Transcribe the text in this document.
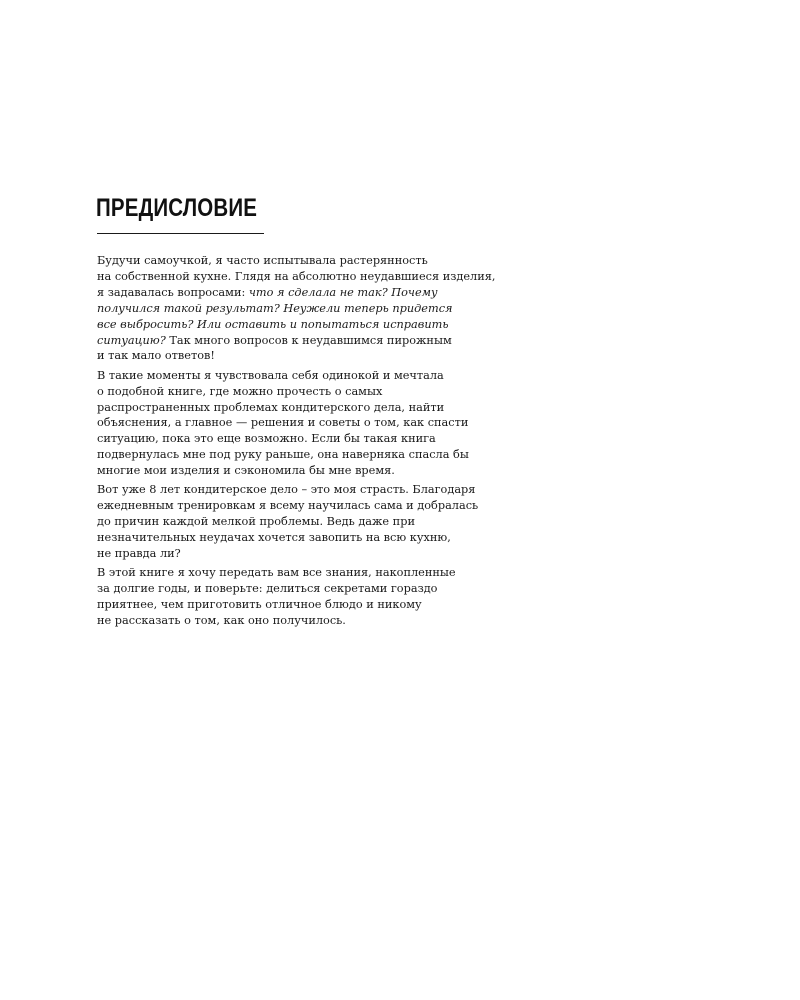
ПРЕДИСЛОВИЕ

Будучи самоучкой, я часто испытывала растерянность
на собственной кухне. Глядя на абсолютно неудавшиеся изделия,
я задавалась вопросами: что я сделала не так? Почему
получился такой результат? Неужели теперь придется
все выбросить? Или оставить и попытаться исправить
ситуацию? Так много вопросов к неудавшимся пирожным
и так мало ответов!

В такие моменты я чувствовала себя одинокой и мечтала
о подобной книге, где можно прочесть о самых
распространенных проблемах кондитерского дела, найти
объяснения, а главное — решения и советы о том, как спасти
ситуацию, пока это еще возможно. Если бы такая книга
подвернулась мне под руку раньше, она наверняка спасла бы
многие мои изделия и сэкономила бы мне время.

Вот уже 8 лет кондитерское дело – это моя страсть. Благодаря
ежедневным тренировкам я всему научилась сама и добралась
до причин каждой мелкой проблемы. Ведь даже при
незначительных неудачах хочется завопить на всю кухню,
не правда ли?

В этой книге я хочу передать вам все знания, накопленные
за долгие годы, и поверьте: делиться секретами гораздо
приятнее, чем приготовить отличное блюдо и никому
не рассказать о том, как оно получилось.
